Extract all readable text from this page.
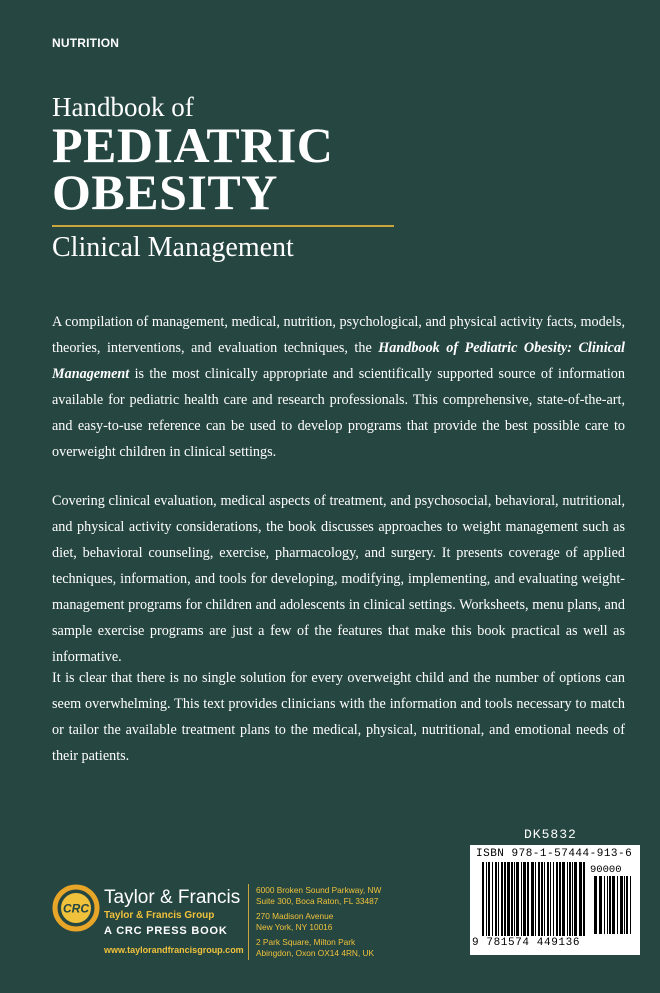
NUTRITION
Handbook of
PEDIATRIC
OBESITY
Clinical Management
A compilation of management, medical, nutrition, psychological, and physical activity facts, models, theories, interventions, and evaluation techniques, the Handbook of Pediatric Obesity: Clinical Management is the most clinically appropriate and scientifically supported source of information available for pediatric health care and research professionals. This comprehensive, state-of-the-art, and easy-to-use reference can be used to develop programs that provide the best possible care to overweight children in clinical settings.
Covering clinical evaluation, medical aspects of treatment, and psychosocial, behavioral, nutritional, and physical activity considerations, the book discusses approaches to weight management such as diet, behavioral counseling, exercise, pharmacology, and surgery. It presents coverage of applied techniques, information, and tools for developing, modifying, implementing, and evaluating weight-management programs for children and adolescents in clinical settings. Worksheets, menu plans, and sample exercise programs are just a few of the features that make this book practical as well as informative.
It is clear that there is no single solution for every overweight child and the number of options can seem overwhelming. This text provides clinicians with the information and tools necessary to match or tailor the available treatment plans to the medical, physical, nutritional, and emotional needs of their patients.
DK5832
ISBN 978-1-57444-913-6
90000
9 781574 449136
CRC
Taylor & Francis
Taylor & Francis Group
A CRC PRESS BOOK
www.taylorandfrancisgroup.com
6000 Broken Sound Parkway, NW
Suite 300, Boca Raton, FL 33487
270 Madison Avenue
New York, NY 10016
2 Park Square, Milton Park
Abingdon, Oxon OX14 4RN, UK
